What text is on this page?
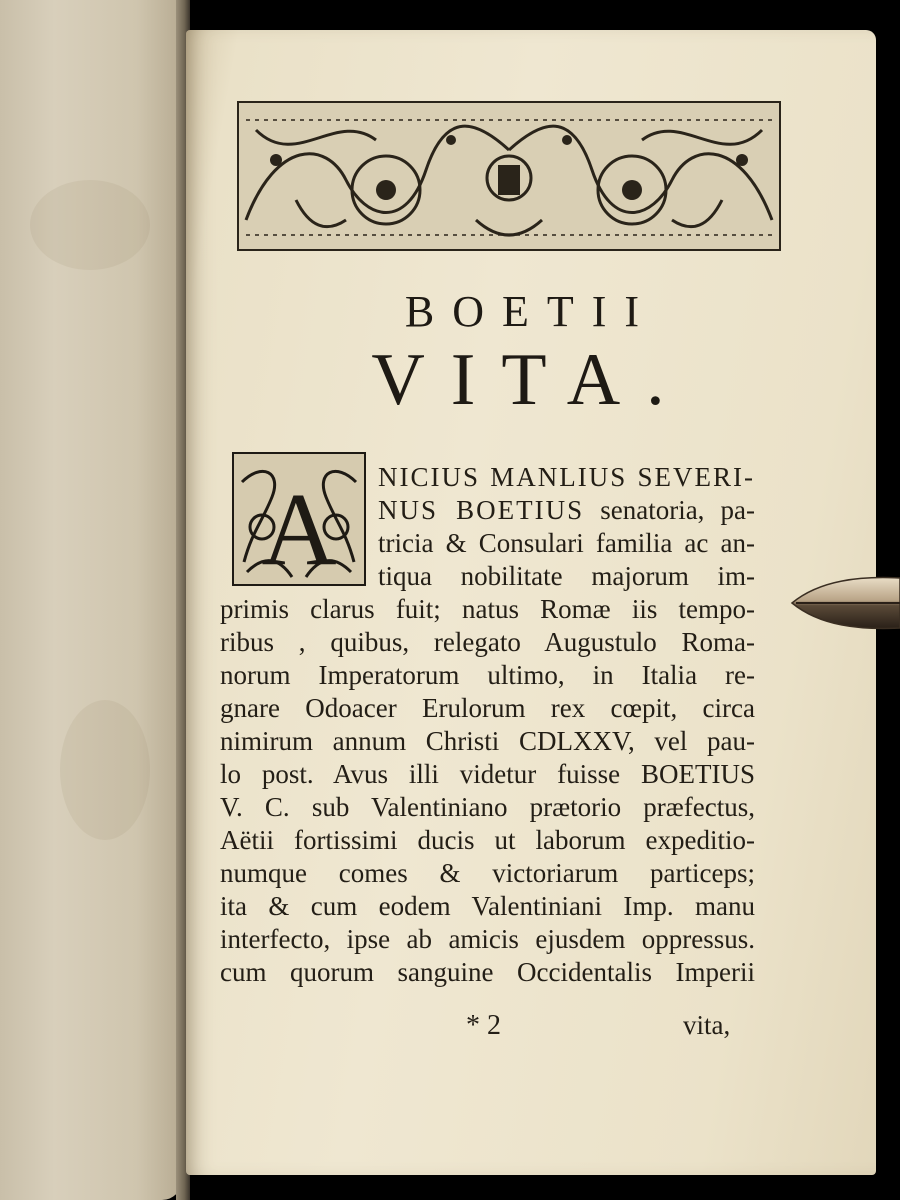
BOETII
VITA.
A NICIUS MANLIUS SEVERI-
NUS BOETIUS senatoria, pa-
tricia & Consulari familia ac an-
tiqua nobilitate majorum im-
primis clarus fuit; natus Romæ iis tempo-
ribus , quibus, relegato Augustulo Roma-
norum Imperatorum ultimo, in Italia re-
gnare Odoacer Erulorum rex cœpit, circa
nimirum annum Christi CDLXXV, vel pau-
lo post. Avus illi videtur fuisse BOETIUS
V. C. sub Valentiniano prætorio præfectus,
Aëtii fortissimi ducis ut laborum expeditio-
numque comes & victoriarum particeps;
ita & cum eodem Valentiniani Imp. manu
interfecto, ipse ab amicis ejusdem oppressus.
cum quorum sanguine Occidentalis Imperii
* 2	vita,
